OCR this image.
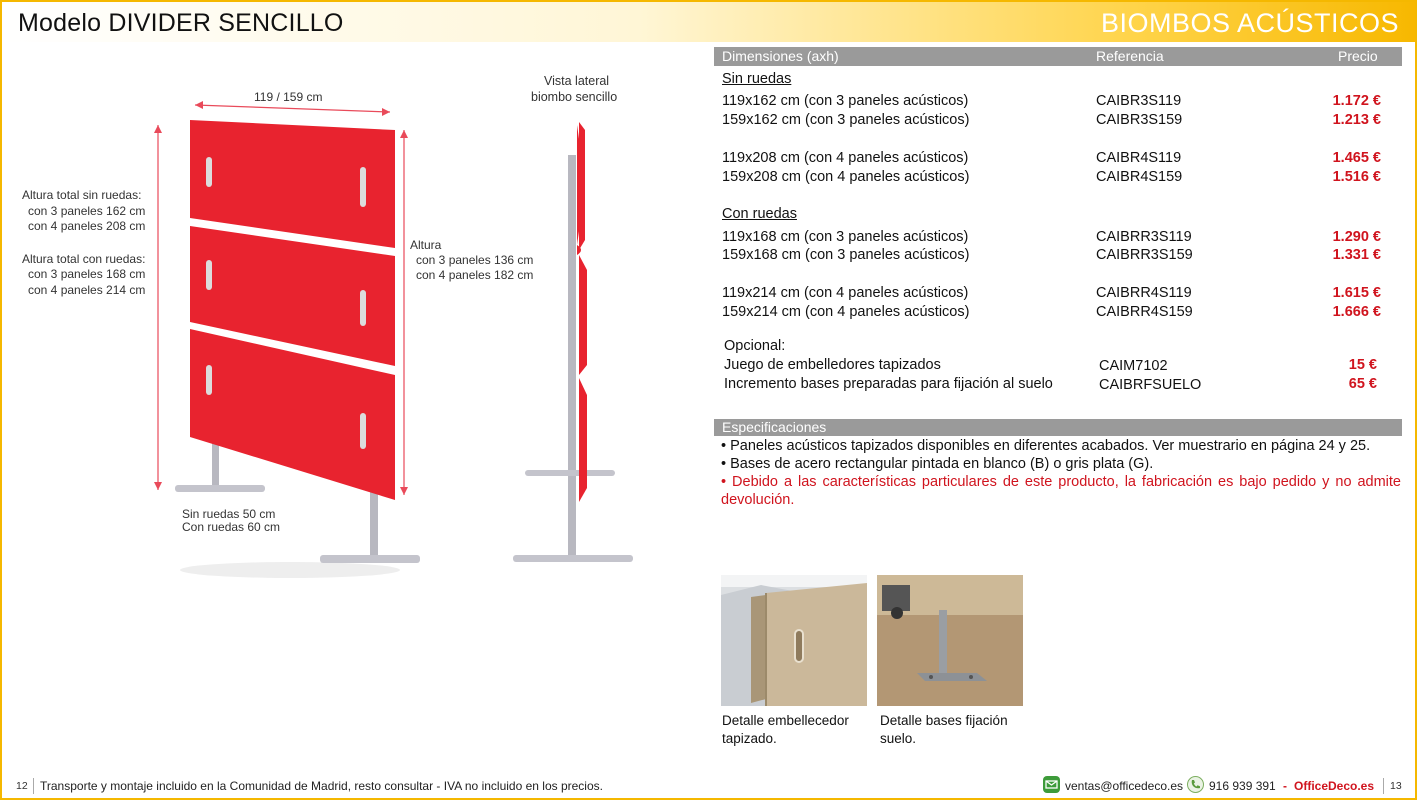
Modelo DIVIDER SENCILLO	BIOMBOS ACÚSTICOS
119 / 159 cm
Vista lateral
biombo sencillo
Altura total sin ruedas:
con 3 paneles 162 cm
con 4 paneles 208 cm
Altura total con ruedas:
con 3 paneles 168 cm
con 4 paneles 214 cm
Altura
con 3 paneles 136 cm
con 4 paneles 182 cm
Sin ruedas 50 cm
Con ruedas 60 cm
Dimensiones (axh)	Referencia	Precio
Sin ruedas
119x162 cm (con 3 paneles acústicos)	CAIBR3S119	1.172 €
159x162 cm (con 3 paneles acústicos)	CAIBR3S159	1.213 €
119x208 cm (con 4 paneles acústicos)	CAIBR4S119	1.465 €
159x208 cm (con 4 paneles acústicos)	CAIBR4S159	1.516 €
Con ruedas
119x168 cm (con 3 paneles acústicos)	CAIBRR3S119	1.290 €
159x168 cm (con 3 paneles acústicos)	CAIBRR3S159	1.331 €
119x214 cm (con 4 paneles acústicos)	CAIBRR4S119	1.615 €
159x214 cm (con 4 paneles acústicos)	CAIBRR4S159	1.666 €
Opcional:
Juego de embelledores tapizados	CAIM7102	15 €
Incremento bases preparadas para fijación al suelo	CAIBRFSUELO	65 €
Especificaciones
• Paneles acústicos tapizados disponibles en diferentes acabados. Ver muestrario en página 24 y 25.
• Bases de acero rectangular pintada en blanco (B) o gris plata (G).
• Debido a las características particulares de este producto, la fabricación es bajo pedido y no admite devolución.
Detalle embellecedor
tapizado.
Detalle bases fijación
suelo.
12 Transporte y montaje incluido en la Comunidad de Madrid, resto consultar - IVA no incluido en los precios.	ventas@officedeco.es 916 939 391 - OfficeDeco.es 13
